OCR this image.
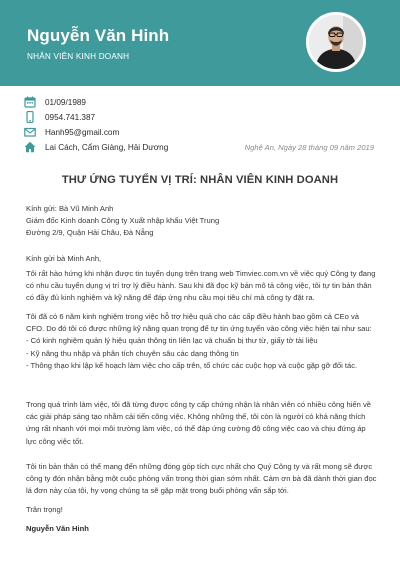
Nguyễn Văn Hinh
NHÂN VIÊN KINH DOANH
01/09/1989
0954.741.387
Hanh95@gmail.com
Lai Cách, Cẩm Giàng, Hải Dương	Nghệ An, Ngày 28 tháng 09 năm 2019
THƯ ỨNG TUYỂN VỊ TRÍ: NHÂN VIÊN KINH DOANH

Kính gửi: Bà Vũ Minh Anh

Giám đốc Kinh doanh Công ty Xuất nhập khẩu Việt Trung

Đường 2/9, Quận Hải Châu, Đà Nẵng

Kính gửi bà Minh Anh,
Tôi rất hào hứng khi nhận được tin tuyển dụng trên trang web Timviec.com.vn về việc quý Công ty đang có nhu cầu tuyển dụng vị trí trợ lý điều hành. Sau khi đã đọc kỹ bản mô tả công việc, tôi tự tin bản thân có đầy đủ kinh nghiệm và kỹ năng để đáp ứng nhu cầu mọi tiêu chí mà công ty đặt ra.

Tôi đã có 6 năm kinh nghiệm trong việc hỗ trợ hiệu quả cho các cấp điều hành bao gồm cả CEo và CFO. Do đó tôi có được những kỹ năng quan trọng để tự tin ứng tuyển vào công việc hiện tại như sau:

- Có kinh nghiệm quản lý hiệu quản thông tin liên lạc và chuẩn bị thư từ, giấy tờ tài liệu

- Kỹ năng thu nhập và phân tích chuyên sâu các dạng thông tin

- Thông thạo khi lập kế hoạch làm việc cho cấp trên, tổ chức các cuộc họp và cuộc gặp gỡ đối tác.

Trong quá trình làm việc, tôi đã từng được công ty cấp chứng nhận là nhân viên có nhiều công hiến về các giải pháp sáng tạo nhằm cải tiến công việc. Không những thế, tôi còn là người có khả năng thích ứng rất nhanh với mọi môi trường làm việc, có thể đáp ứng cường độ công việc cao và chịu đứng áp lực công việc tốt.
Tôi tin bản thân có thể mang đến những đóng góp tích cực nhất cho Quý Công ty và rất mong sẽ được công ty đón nhận bằng một cuộc phỏng vấn trong thời gian sớm nhất. Cảm ơn bà đã dành thời gian đọc lá đơn này của tôi, hy vọng chúng ta sẽ gặp mặt trong buổi phỏng vấn sắp tới.
Trân trọng!
Nguyễn Văn Hinh
